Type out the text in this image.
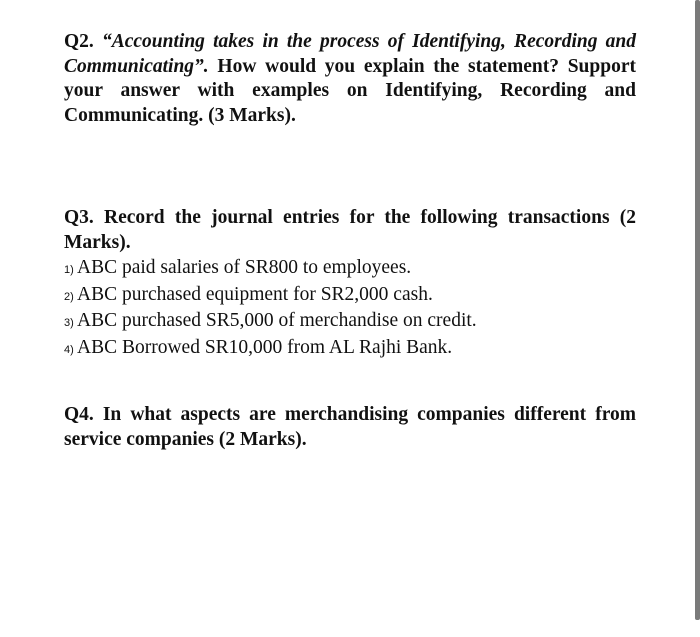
Q2. “Accounting takes in the process of Identifying, Recording and Communicating”. How would you explain the statement? Support your answer with examples on Identifying, Recording and Communicating. (3 Marks).
Q3. Record the journal entries for the following transactions (2 Marks).
1) ABC paid salaries of SR800 to employees.
2) ABC purchased equipment for SR2,000 cash.
3) ABC purchased SR5,000 of merchandise on credit.
4) ABC Borrowed SR10,000 from AL Rajhi Bank.
Q4. In what aspects are merchandising companies different from service companies (2 Marks).
